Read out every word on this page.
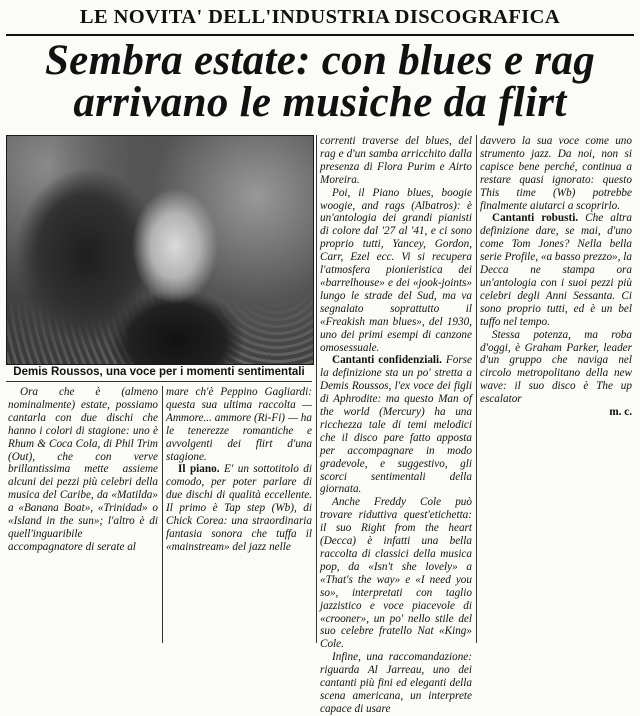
LE NOVITA' DELL'INDUSTRIA DISCOGRAFICA
Sembra estate: con blues e rag
arrivano le musiche da flirt
Demis Roussos, una voce per i momenti sentimentali

Ora che è (almeno nominalmente) estate, possiamo cantarla con due dischi che hanno i colori di stagione: uno è Rhum & Coca Cola, di Phil Trim (Out), che con verve brillantissima mette assieme alcuni dei pezzi più celebri della musica del Caribe, da «Matilda» a «Banana Boat», «Trinidad» o «Island in the sun»; l'altro è di quell'inguaribile accompagnatore di serate al

mare ch'è Peppino Gagliardi: questa sua ultima raccolta — Ammore... ammore (Ri-Fi) — ha le tenerezze romantiche e avvolgenti dei flirt d'una stagione.

Il piano. E' un sottotitolo di comodo, per poter parlare di due dischi di qualità eccellente. Il primo è Tap step (Wb), di Chick Corea: una straordinaria fantasia sonora che tuffa il «mainstream» del jazz nelle

correnti traverse del blues, del rag e d'un samba arricchito dalla presenza di Flora Purim e Airto Moreira.

Poi, il Piano blues, boogie woogie, and rags (Albatros): è un'antologia dei grandi pianisti di colore dal '27 al '41, e ci sono proprio tutti, Yancey, Gordon, Carr, Ezel ecc. Vi si recupera l'atmosfera pionieristica dei «barrelhouse» e dei «jook-joints» lungo le strade del Sud, ma va segnalato soprattutto il «Freakish man blues», del 1930, uno dei primi esempi di canzone omosessuale.

Cantanti confidenziali. Forse la definizione sta un po' stretta a Demis Roussos, l'ex voce dei figli di Aphrodite: ma questo Man of the world (Mercury) ha una ricchezza tale di temi melodici che il disco pare fatto apposta per accompagnare in modo gradevole, e suggestivo, gli scorci sentimentali della giornata.

Anche Freddy Cole può trovare riduttiva quest'etichetta: il suo Right from the heart (Decca) è infatti una bella raccolta di classici della musica pop, da «Isn't she lovely» a «That's the way» e «I need you so», interpretati con taglio jazzistico e voce piacevole di «crooner», un po' nello stile del suo celebre fratello Nat «King» Cole.

Infine, una raccomandazione: riguarda Al Jarreau, uno dei cantanti più fini ed eleganti della scena americana, un interprete capace di usare

davvero la sua voce come uno strumento jazz. Da noi, non si capisce bene perché, continua a restare quasi ignorato: questo This time (Wb) potrebbe finalmente aiutarci a scoprirlo.

Cantanti robusti. Che altra definizione dare, se mai, d'uno come Tom Jones? Nella bella serie Profile, «a basso prezzo», la Decca ne stampa ora un'antologia con i suoi pezzi più celebri degli Anni Sessanta. Ci sono proprio tutti, ed è un bel tuffo nel tempo.

Stessa potenza, ma roba d'oggi, è Graham Parker, leader d'un gruppo che naviga nel circolo metropolitano della new wave: il suo disco è The up escalator

m. c.
